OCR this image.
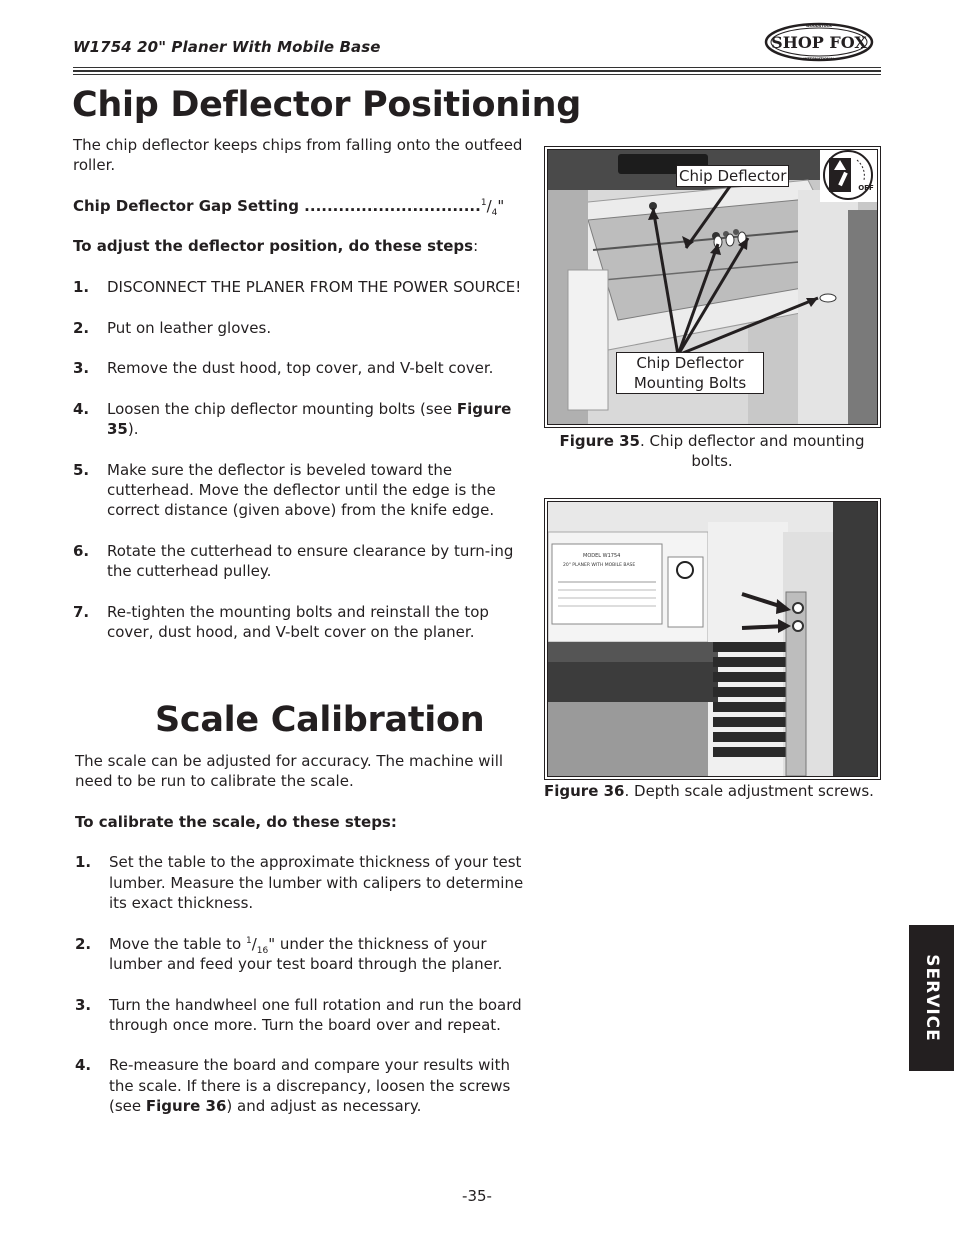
W1754 20" Planer With Mobile Base	SHOP FOX
WOODSTOCK
INTERNATIONAL
Chip Deflector Positioning

The chip deflector keeps chips from falling onto the outfeed roller.

Chip Deflector Gap Setting $...............................^1/_4$"

To adjust the deflector position, do these steps:

1.	DISCONNECT THE PLANER FROM THE POWER SOURCE!
2.	Put on leather gloves.
3.	Remove the dust hood, top cover, and V-belt cover.
4.	Loosen the chip deflector mounting bolts (see Figure 35).
5.	Make sure the deflector is beveled toward the cutterhead. Move the deflector until the edge is the correct distance (given above) from the knife edge.
6.	Rotate the cutterhead to ensure clearance by turn-ing the cutterhead pulley.
7.	Re-tighten the mounting bolts and reinstall the top cover, dust hood, and V-belt cover on the planer.
Scale Calibration

The scale can be adjusted for accuracy. The machine will need to be run to calibrate the scale.

To calibrate the scale, do these steps:

1.	Set the table to the approximate thickness of your test lumber. Measure the lumber with calipers to determine its exact thickness.
2.	Move the table to $^1/_{16}$" under the thickness of your lumber and feed your test board through the planer.
3.	Turn the handwheel one full rotation and run the board through once more. Turn the board over and repeat.
4.	Re-measure the board and compare your results with the scale. If there is a discrepancy, loosen the screws (see Figure 36) and adjust as necessary.
OFF
Chip Deflector
Chip Deflector
Mounting Bolts
Figure 35. Chip deflector and mounting bolts.
MODEL W1754
20" PLANER WITH MOBILE BASE
Figure 36. Depth scale adjustment screws.
SERVICE
-35-
